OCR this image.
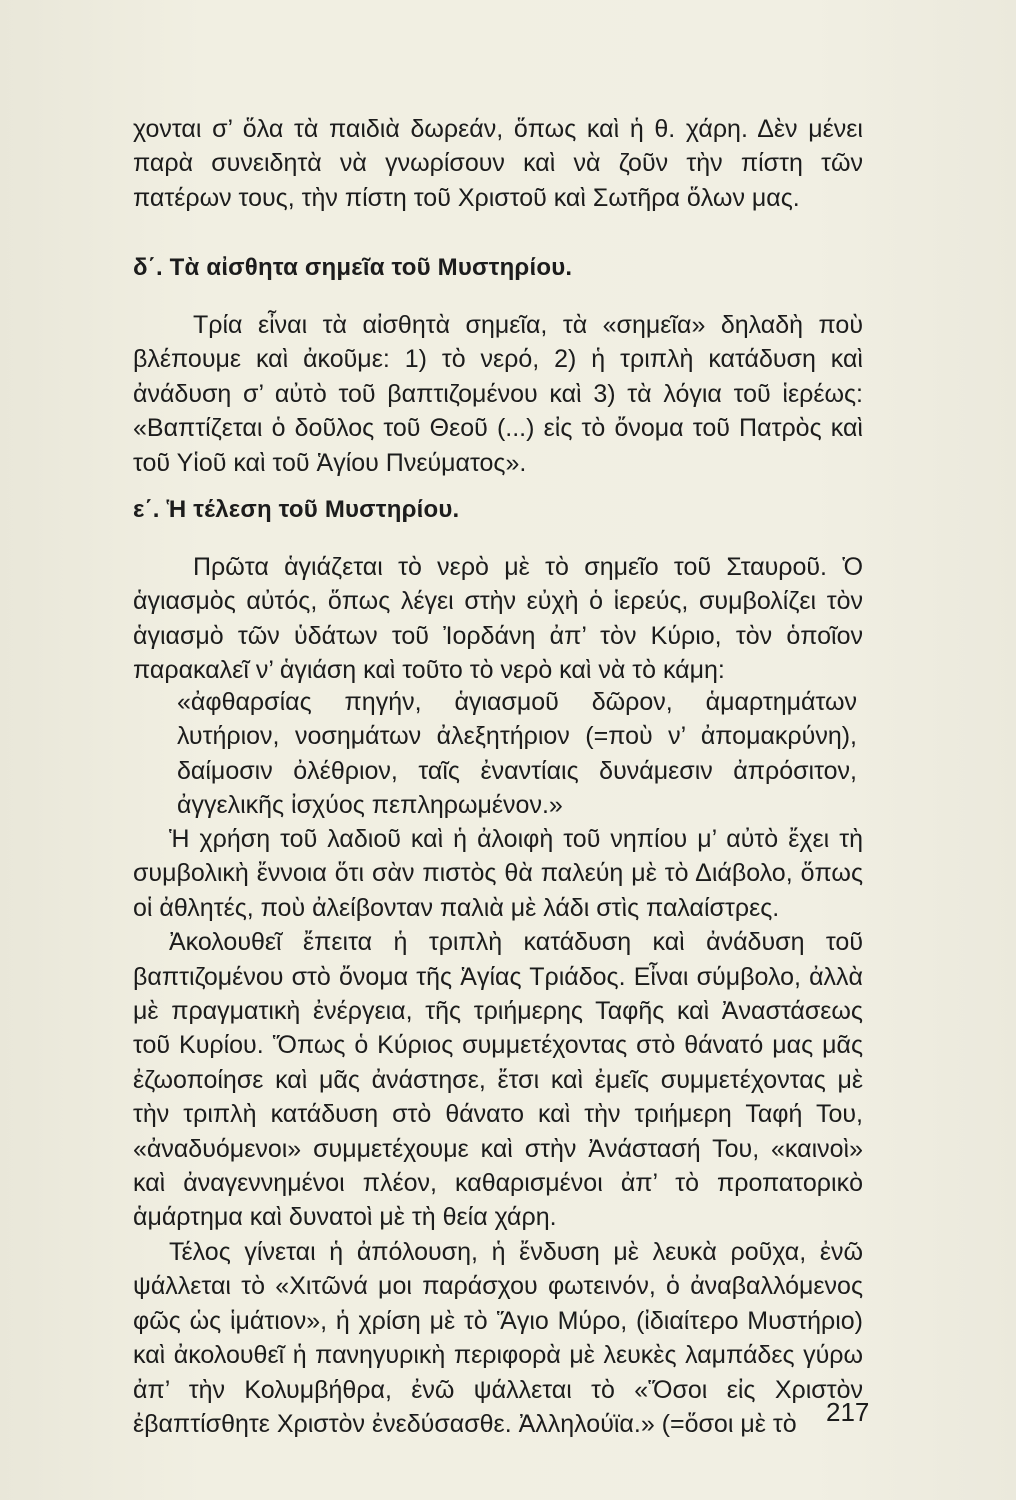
χονται σ’ ὅλα τὰ παιδιὰ δωρεάν, ὅπως καὶ ἡ θ. χάρη. Δὲν μένει παρὰ συνειδητὰ νὰ γνωρίσουν καὶ νὰ ζοῦν τὴν πίστη τῶν πατέρων τους, τὴν πίστη τοῦ Χριστοῦ καὶ Σωτῆρα ὅλων μας.

δ΄. Τὰ αἰσθητα σημεῖα τοῦ Μυστηρίου.

Τρία εἶναι τὰ αἰσθητὰ σημεῖα, τὰ «σημεῖα» δηλαδὴ ποὺ βλέπουμε καὶ ἀκοῦμε: 1) τὸ νερό, 2) ἡ τριπλὴ κατάδυση καὶ ἀνάδυση σ’ αὐτὸ τοῦ βαπτιζομένου καὶ 3) τὰ λόγια τοῦ ἱερέως: «Βαπτίζεται ὁ δοῦλος τοῦ Θεοῦ (...) εἰς τὸ ὄνομα τοῦ Πατρὸς καὶ τοῦ Υἱοῦ καὶ τοῦ Ἁγίου Πνεύματος».

ε΄. Ἡ τέλεση τοῦ Μυστηρίου.

Πρῶτα ἁγιάζεται τὸ νερὸ μὲ τὸ σημεῖο τοῦ Σταυροῦ. Ὁ ἁγιασμὸς αὐτός, ὅπως λέγει στὴν εὐχὴ ὁ ἱερεύς, συμβολίζει τὸν ἁγιασμὸ τῶν ὑδάτων τοῦ Ἰορδάνη ἀπ’ τὸν Κύριο, τὸν ὁποῖον παρακαλεῖ ν’ ἁγιάση καὶ τοῦτο τὸ νερὸ καὶ νὰ τὸ κάμη:

«ἀφθαρσίας πηγήν, ἁγιασμοῦ δῶρον, ἁμαρτημάτων λυτήριον, νοσημάτων ἀλεξητήριον (=ποὺ ν’ ἀπομακρύνη), δαίμοσιν ὀλέθριον, ταῖς ἐναντίαις δυνάμεσιν ἀπρόσιτον, ἀγγελικῆς ἰσχύος πεπληρωμένον.»

Ἡ χρήση τοῦ λαδιοῦ καὶ ἡ ἀλοιφὴ τοῦ νηπίου μ’ αὐτὸ ἔχει τὴ συμβολικὴ ἔννοια ὅτι σὰν πιστὸς θὰ παλεύη μὲ τὸ Διάβολο, ὅπως οἱ ἀθλητές, ποὺ ἀλείβονταν παλιὰ μὲ λάδι στὶς παλαίστρες.

Ἀκολουθεῖ ἔπειτα ἡ τριπλὴ κατάδυση καὶ ἀνάδυση τοῦ βαπτιζομένου στὸ ὄνομα τῆς Ἁγίας Τριάδος. Εἶναι σύμβολο, ἀλλὰ μὲ πραγματικὴ ἐνέργεια, τῆς τριήμερης Ταφῆς καὶ Ἀναστάσεως τοῦ Κυρίου. Ὅπως ὁ Κύριος συμμετέχοντας στὸ θάνατό μας μᾶς ἐζωοποίησε καὶ μᾶς ἀνάστησε, ἔτσι καὶ ἐμεῖς συμμετέχοντας μὲ τὴν τριπλὴ κατάδυση στὸ θάνατο καὶ τὴν τριήμερη Ταφή Του, «ἀναδυόμενοι» συμμετέχουμε καὶ στὴν Ἀνάστασή Του, «καινοὶ» καὶ ἀναγεννημένοι πλέον, καθαρισμένοι ἀπ’ τὸ προπατορικὸ ἁμάρτημα καὶ δυνατοὶ μὲ τὴ θεία χάρη.

Τέλος γίνεται ἡ ἀπόλουση, ἡ ἔνδυση μὲ λευκὰ ροῦχα, ἐνῶ ψάλλεται τὸ «Χιτῶνά μοι παράσχου φωτεινόν, ὁ ἀναβαλλόμενος φῶς ὡς ἱμάτιον», ἡ χρίση μὲ τὸ Ἅγιο Μύρο, (ἰδιαίτερο Μυστήριο) καὶ ἀκολουθεῖ ἡ πανηγυρικὴ περιφορὰ μὲ λευκὲς λαμπάδες γύρω ἀπ’ τὴν Κολυμβήθρα, ἐνῶ ψάλλεται τὸ «Ὅσοι εἰς Χριστὸν ἐβαπτίσθητε Χριστὸν ἐνεδύσασθε. Ἀλληλούϊα.» (=ὅσοι μὲ τὸ	217
